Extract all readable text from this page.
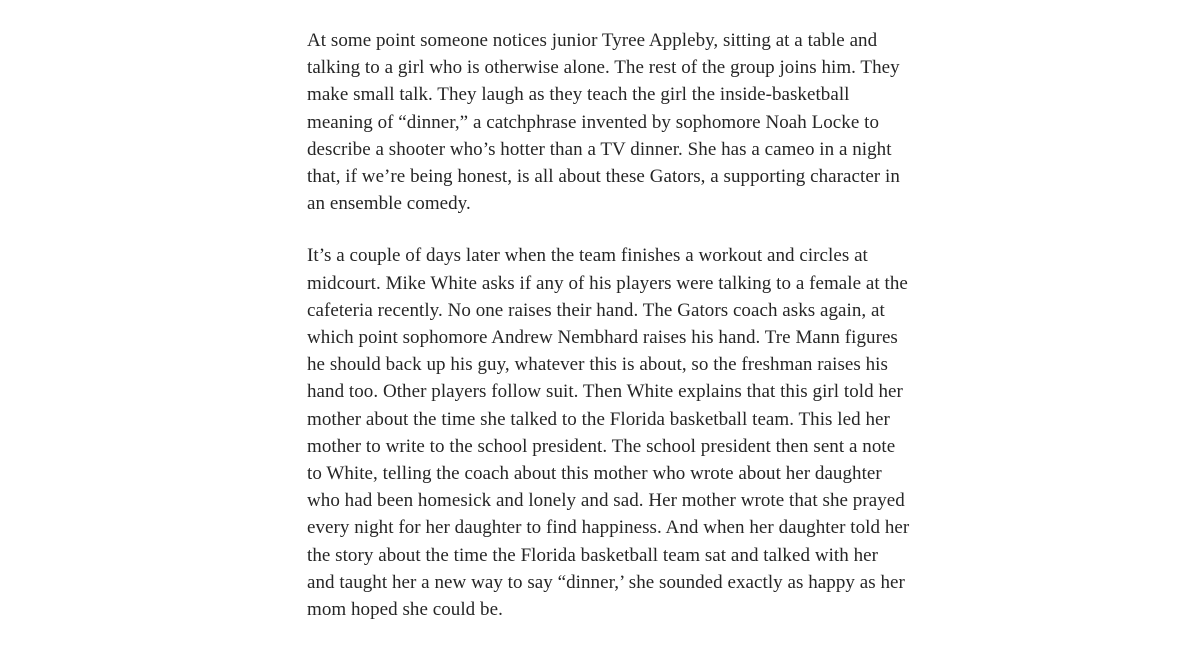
At some point someone notices junior Tyree Appleby, sitting at a table and
talking to a girl who is otherwise alone. The rest of the group joins him. They
make small talk. They laugh as they teach the girl the inside-basketball
meaning of “dinner,” a catchphrase invented by sophomore Noah Locke to
describe a shooter who’s hotter than a TV dinner. She has a cameo in a night
that, if we’re being honest, is all about these Gators, a supporting character in
an ensemble comedy.

It’s a couple of days later when the team finishes a workout and circles at
midcourt. Mike White asks if any of his players were talking to a female at the
cafeteria recently. No one raises their hand. The Gators coach asks again, at
which point sophomore Andrew Nembhard raises his hand. Tre Mann figures
he should back up his guy, whatever this is about, so the freshman raises his
hand too. Other players follow suit. Then White explains that this girl told her
mother about the time she talked to the Florida basketball team. This led her
mother to write to the school president. The school president then sent a note
to White, telling the coach about this mother who wrote about her daughter
who had been homesick and lonely and sad. Her mother wrote that she prayed
every night for her daughter to find happiness. And when her daughter told her
the story about the time the Florida basketball team sat and talked with her
and taught her a new way to say “dinner,’ she sounded exactly as happy as her
mom hoped she could be.
